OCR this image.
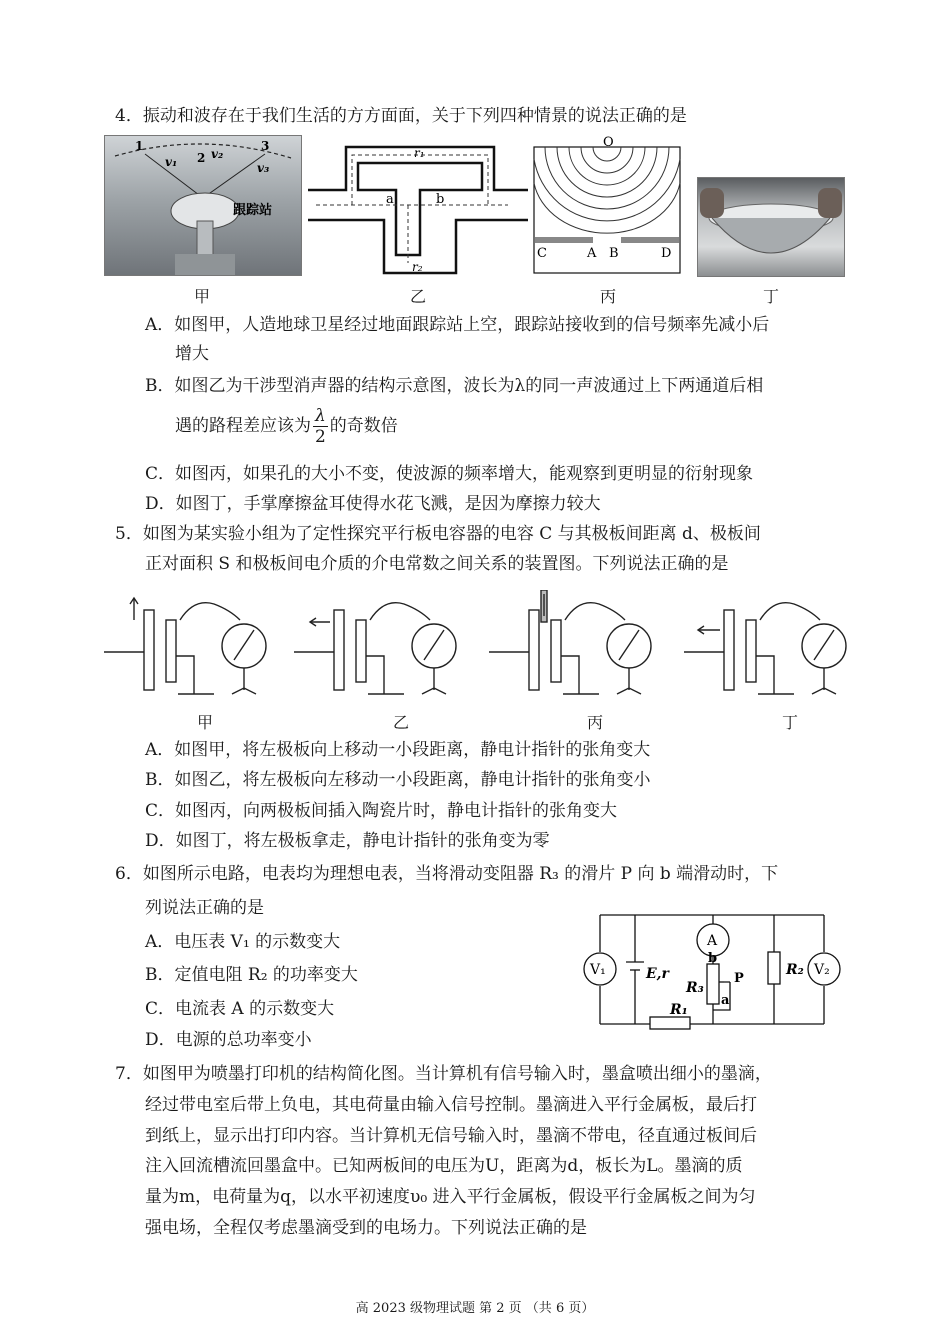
4．振动和波存在于我们生活的方方面面，关于下列四种情景的说法正确的是
1
2
3
v₁
v₂
v₃
跟踪站
r₁
r₂
a	b
O
C	A B	D
甲	乙	丙	丁
A．如图甲，人造地球卫星经过地面跟踪站上空，跟踪站接收到的信号频率先减小后
增大
B．如图乙为干涉型消声器的结构示意图，波长为λ的同一声波通过上下两通道后相
遇的路程差应该为 $\frac{\lambda}{2}$ 的奇数倍
C．如图丙，如果孔的大小不变，使波源的频率增大，能观察到更明显的衍射现象
D．如图丁，手掌摩擦盆耳使得水花飞溅，是因为摩擦力较大
5．如图为某实验小组为了定性探究平行板电容器的电容 C 与其极板间距离 d、极板间
正对面积 S 和极板间电介质的介电常数之间关系的装置图。下列说法正确的是
甲	乙	丙	丁
A．如图甲，将左极板向上移动一小段距离，静电计指针的张角变大
B．如图乙，将左极板向左移动一小段距离，静电计指针的张角变小
C．如图丙，向两极板间插入陶瓷片时，静电计指针的张角变大
D．如图丁，将左极板拿走，静电计指针的张角变为零
6．如图所示电路，电表均为理想电表，当将滑动变阻器 R₃ 的滑片 P 向 b 端滑动时，下
列说法正确的是
A．电压表 V₁ 的示数变大
B．定值电阻 R₂ 的功率变大
C．电流表 A 的示数变大
D．电源的总功率变小
V₁	V₂
A
E,r
R₁
R₂
R₃
b
P
a
7．如图甲为喷墨打印机的结构简化图。当计算机有信号输入时，墨盒喷出细小的墨滴，
经过带电室后带上负电，其电荷量由输入信号控制。墨滴进入平行金属板，最后打
到纸上，显示出打印内容。当计算机无信号输入时，墨滴不带电，径直通过板间后
注入回流槽流回墨盒中。已知两板间的电压为U，距离为d，板长为L。墨滴的质
量为m，电荷量为q，以水平初速度υ₀ 进入平行金属板，假设平行金属板之间为匀
强电场，全程仅考虑墨滴受到的电场力。下列说法正确的是
高 2023 级物理试题 第 2 页 （共 6 页）
